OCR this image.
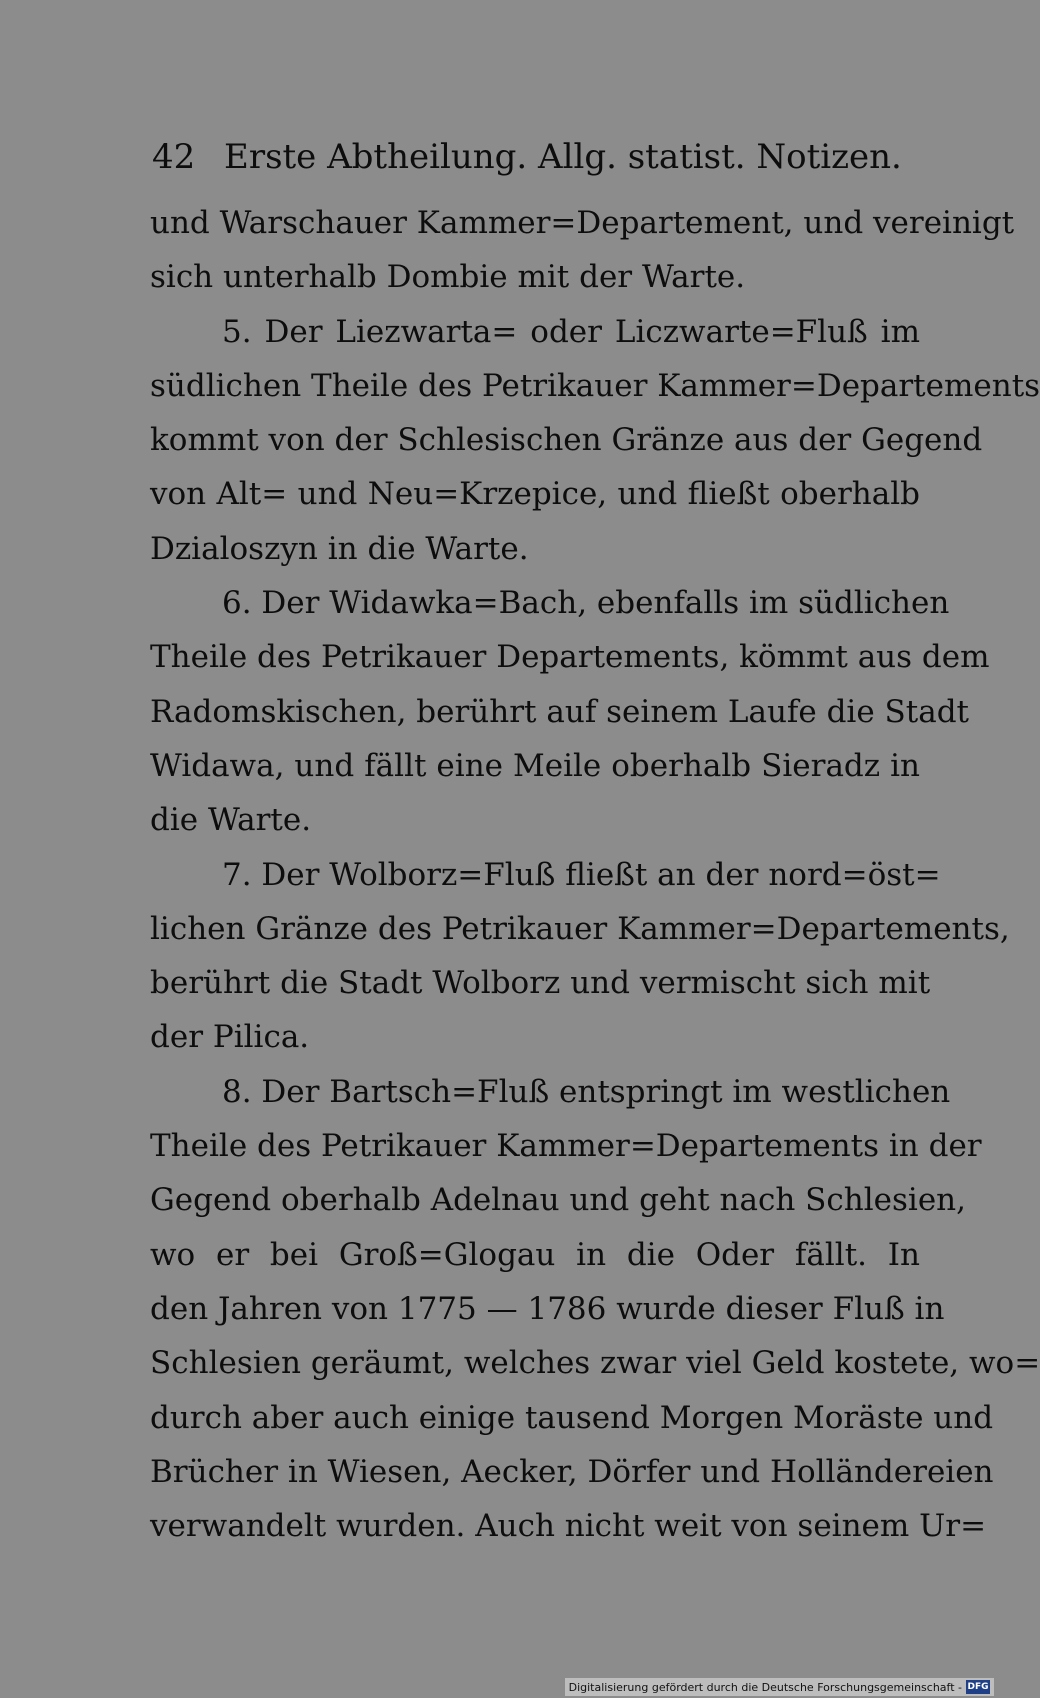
42 Erste Abtheilung. Allg. statist. Notizen.
und Warschauer Kammer=Departement, und vereinigt
sich unterhalb Dombie mit der Warte.
5. Der Liezwarta= oder Liczwarte=Fluß im
südlichen Theile des Petrikauer Kammer=Departements
kommt von der Schlesischen Gränze aus der Gegend
von Alt= und Neu=Krzepice, und fließt oberhalb
Dzialoszyn in die Warte.
6. Der Widawka=Bach, ebenfalls im südlichen
Theile des Petrikauer Departements, kömmt aus dem
Radomskischen, berührt auf seinem Laufe die Stadt
Widawa, und fällt eine Meile oberhalb Sieradz in
die Warte.
7. Der Wolborz=Fluß fließt an der nord=öst=
lichen Gränze des Petrikauer Kammer=Departements,
berührt die Stadt Wolborz und vermischt sich mit
der Pilica.
8. Der Bartsch=Fluß entspringt im westlichen
Theile des Petrikauer Kammer=Departements in der
Gegend oberhalb Adelnau und geht nach Schlesien,
wo er bei Groß=Glogau in die Oder fällt. In
den Jahren von 1775 — 1786 wurde dieser Fluß in
Schlesien geräumt, welches zwar viel Geld kostete, wo=
durch aber auch einige tausend Morgen Moräste und
Brücher in Wiesen, Aecker, Dörfer und Holländereien
verwandelt wurden. Auch nicht weit von seinem Ur=
Digitalisierung gefördert durch die Deutsche Forschungsgemeinschaft - DFG
